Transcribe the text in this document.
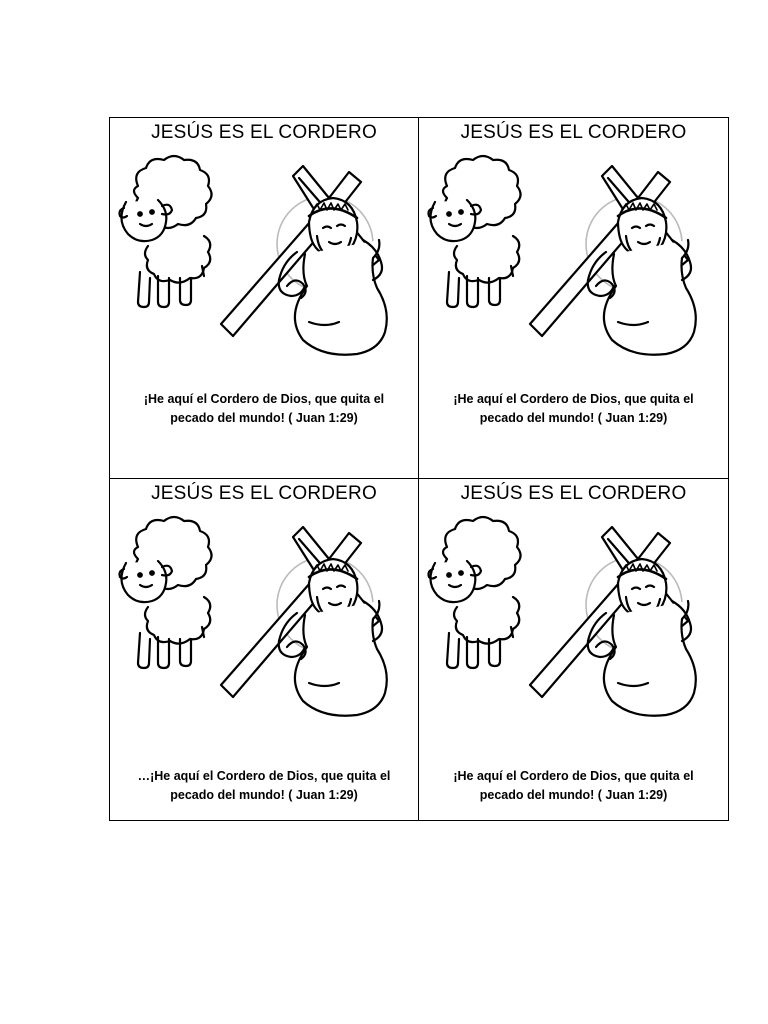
JESÚS ES EL CORDERO
¡He aquí el Cordero de Dios, que quita el
pecado del mundo! ( Juan 1:29)
JESÚS ES EL CORDERO
¡He aquí el Cordero de Dios, que quita el
pecado del mundo! ( Juan 1:29)
JESÚS ES EL CORDERO
…¡He aquí el Cordero de Dios, que quita el
pecado del mundo! ( Juan 1:29)
JESÚS ES EL CORDERO
¡He aquí el Cordero de Dios, que quita el
pecado del mundo! ( Juan 1:29)
